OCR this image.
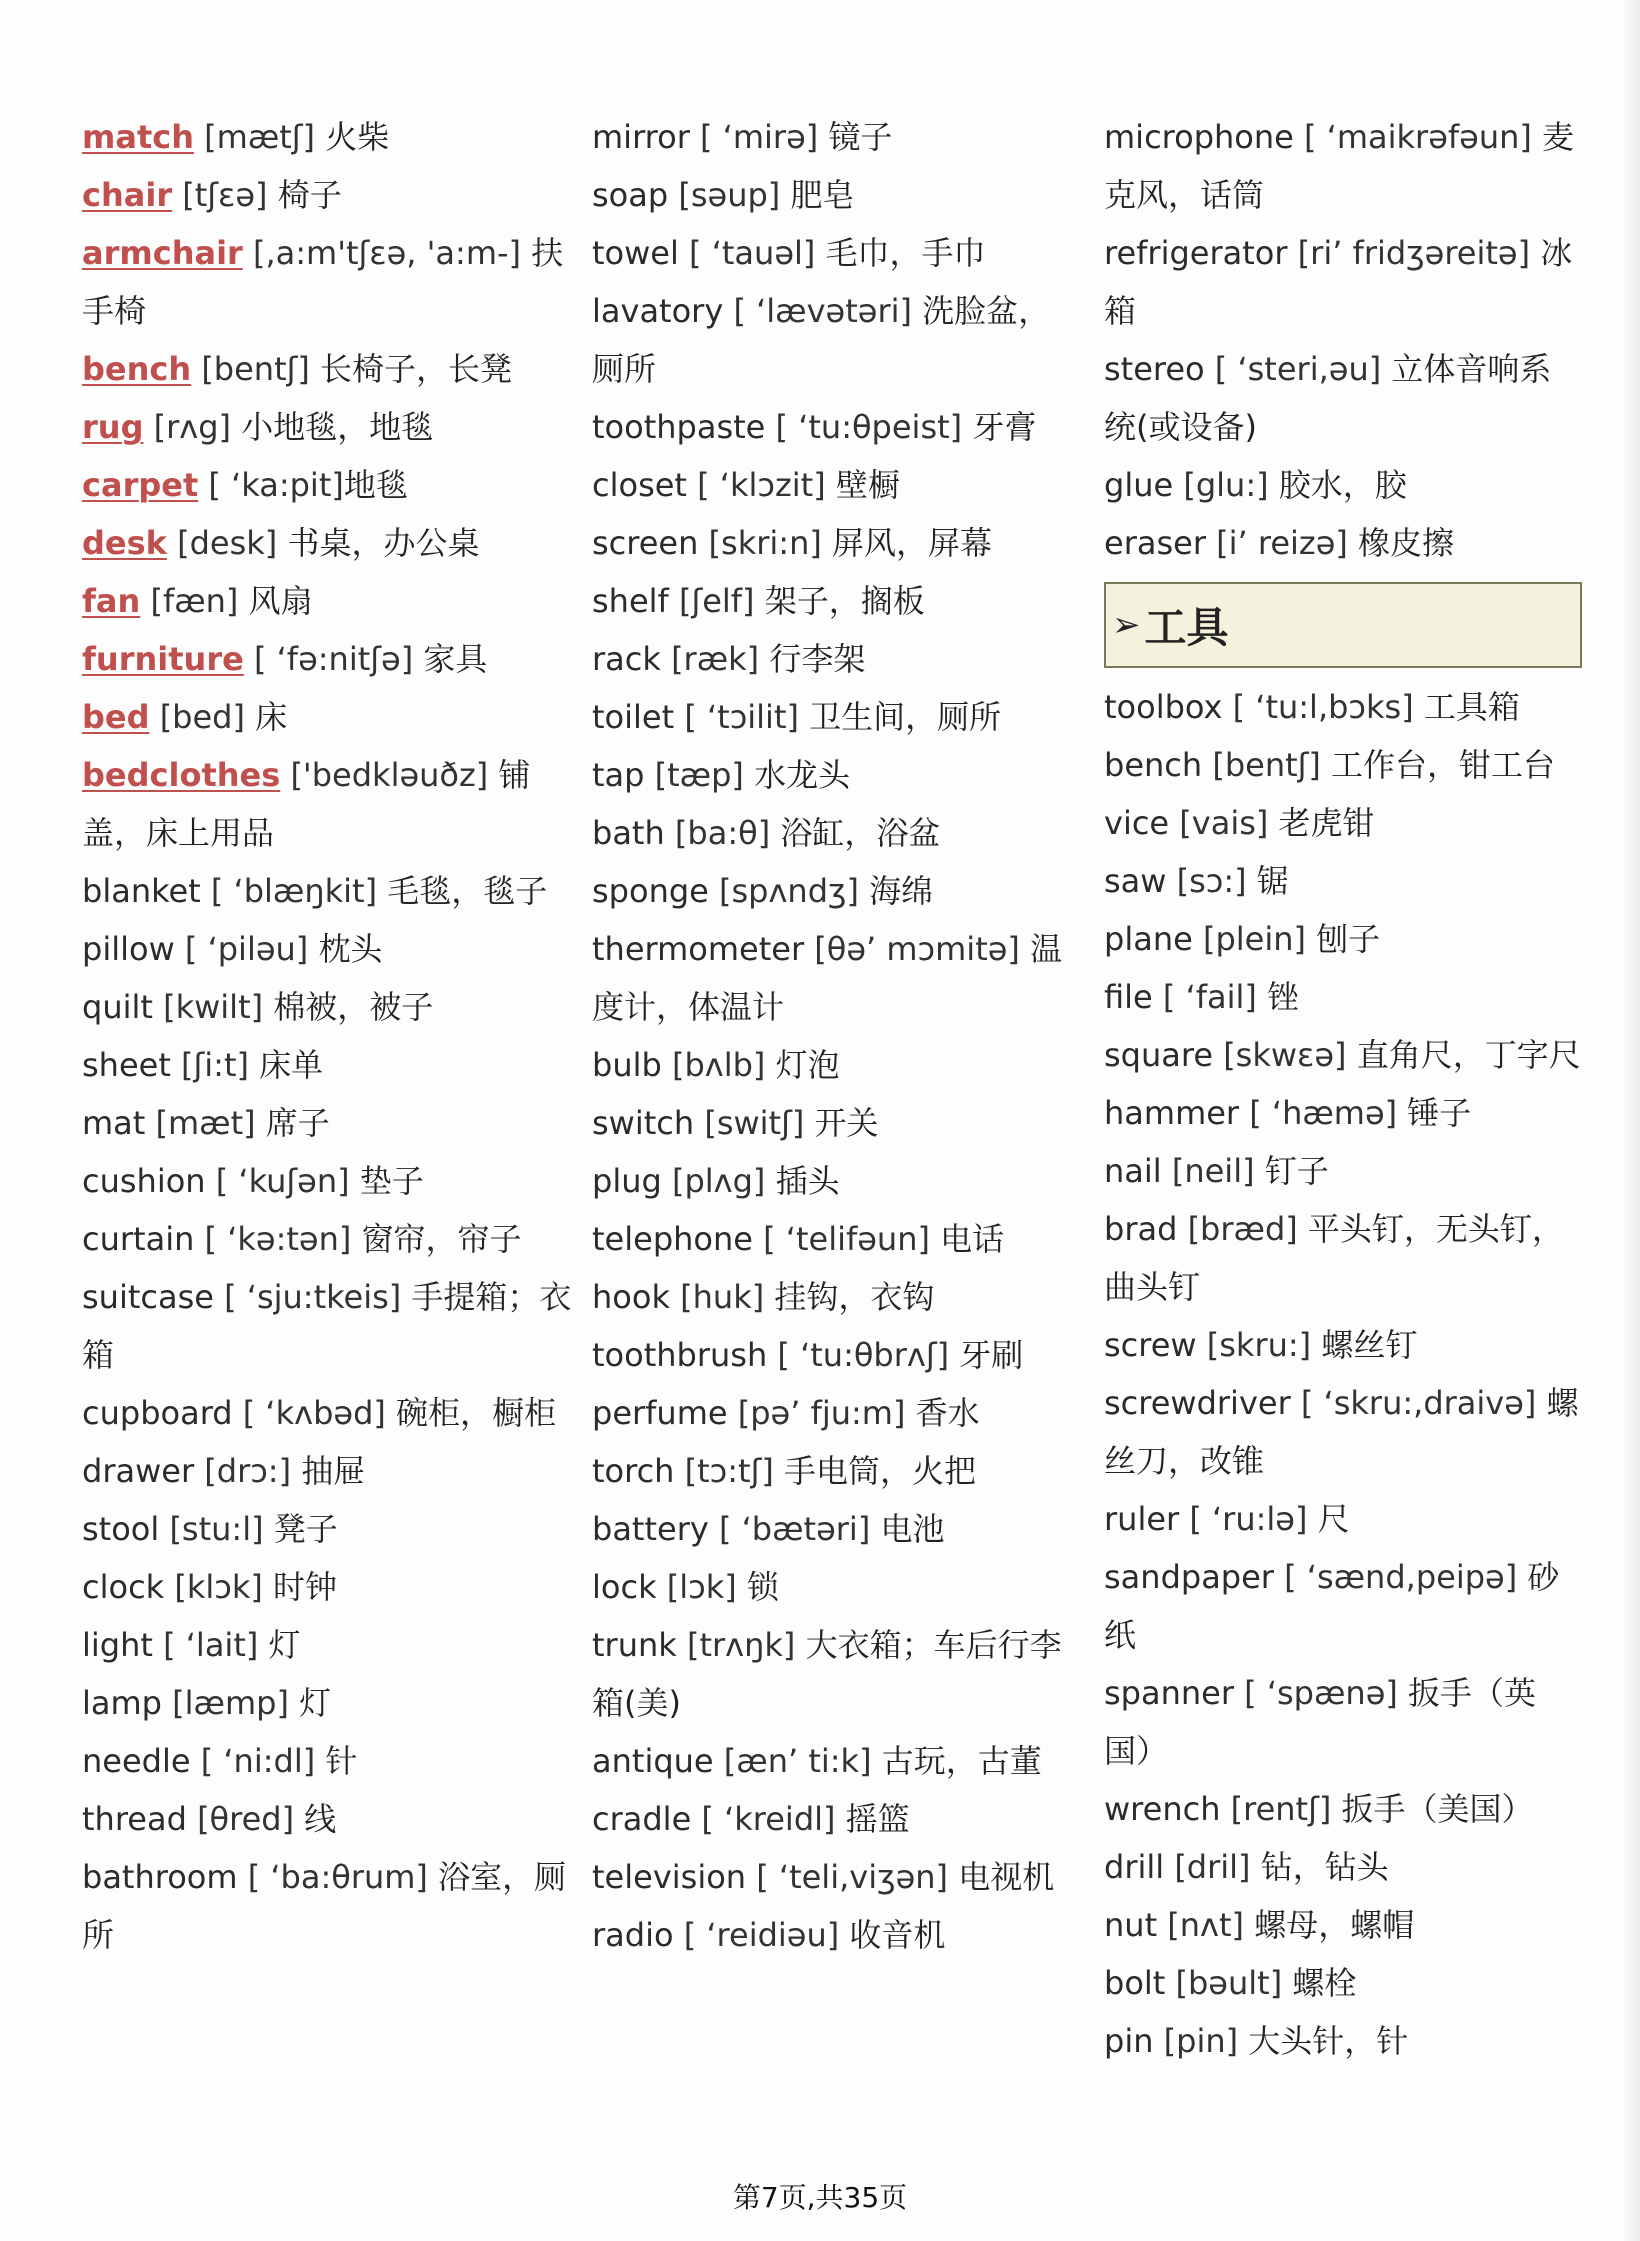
match [mætʃ] 火柴

chair [tʃɛə] 椅子

armchair [,a:m'tʃɛə, 'a:m-] 扶手椅

bench [bentʃ] 长椅子，长凳

rug [rʌg] 小地毯，地毯

carpet [ ‘ka:pit]地毯

desk [desk] 书桌，办公桌

fan [fæn] 风扇

furniture [ ‘fə:nitʃə] 家具

bed [bed] 床

bedclothes ['bedkləuðz] 铺盖，床上用品

blanket [ ‘blæŋkit] 毛毯，毯子

pillow [ ‘piləu] 枕头

quilt [kwilt] 棉被，被子

sheet [ʃi:t] 床单

mat [mæt] 席子

cushion [ ‘kuʃən] 垫子

curtain [ ‘kə:tən] 窗帘，帘子

suitcase [ ‘sju:tkeis] 手提箱；衣箱

cupboard [ ‘kʌbəd] 碗柜，橱柜

drawer [drɔ:] 抽屉

stool [stu:l] 凳子

clock [klɔk] 时钟

light [ ‘lait] 灯

lamp [læmp] 灯

needle [ ‘ni:dl] 针

thread [θred] 线

bathroom [ ‘ba:θrum] 浴室，厕所

mirror [ ‘mirə] 镜子

soap [səup] 肥皂

towel [ ‘tauəl] 毛巾，手巾

lavatory [ ‘lævətəri] 洗脸盆，厕所

toothpaste [ ‘tu:θpeist] 牙膏

closet [ ‘klɔzit] 壁橱

screen [skri:n] 屏风，屏幕

shelf [ʃelf] 架子，搁板

rack [ræk] 行李架

toilet [ ‘tɔilit] 卫生间，厕所

tap [tæp] 水龙头

bath [ba:θ] 浴缸，浴盆

sponge [spʌndʒ] 海绵

thermometer [θə’ mɔmitə] 温度计，体温计

bulb [bʌlb] 灯泡

switch [switʃ] 开关

plug [plʌg] 插头

telephone [ ‘telifəun] 电话

hook [huk] 挂钩，衣钩

toothbrush [ ‘tu:θbrʌʃ] 牙刷

perfume [pə’ fju:m] 香水

torch [tɔ:tʃ] 手电筒，火把

battery [ ‘bætəri] 电池

lock [lɔk] 锁

trunk [trʌŋk] 大衣箱；车后行李箱(美)

antique [æn’ ti:k] 古玩，古董

cradle [ ‘kreidl] 摇篮

television [ ‘teli,viʒən] 电视机

radio [ ‘reidiəu] 收音机

microphone [ ‘maikrəfəun] 麦克风，话筒

refrigerator [ri’ fridʒəreitə] 冰箱

stereo [ ‘steri,əu] 立体音响系统(或设备)

glue [glu:] 胶水，胶

eraser [i’ reizə] 橡皮擦

➢ 工具

toolbox [ ‘tu:l,bɔks] 工具箱

bench [bentʃ] 工作台，钳工台

vice [vais] 老虎钳

saw [sɔ:] 锯

plane [plein] 刨子

file [ ‘fail] 锉

square [skwɛə] 直角尺，丁字尺

hammer [ ‘hæmə] 锤子

nail [neil] 钉子

brad [bræd] 平头钉，无头钉，曲头钉

screw [skru:] 螺丝钉

screwdriver [ ‘skru:,draivə] 螺丝刀，改锥

ruler [ ‘ru:lə] 尺

sandpaper [ ‘sænd,peipə] 砂纸

spanner [ ‘spænə] 扳手（英国）

wrench [rentʃ] 扳手（美国）

drill [dril] 钻，钻头

nut [nʌt] 螺母，螺帽

bolt [bəult] 螺栓

pin [pin] 大头针，针

第7页,共35页
